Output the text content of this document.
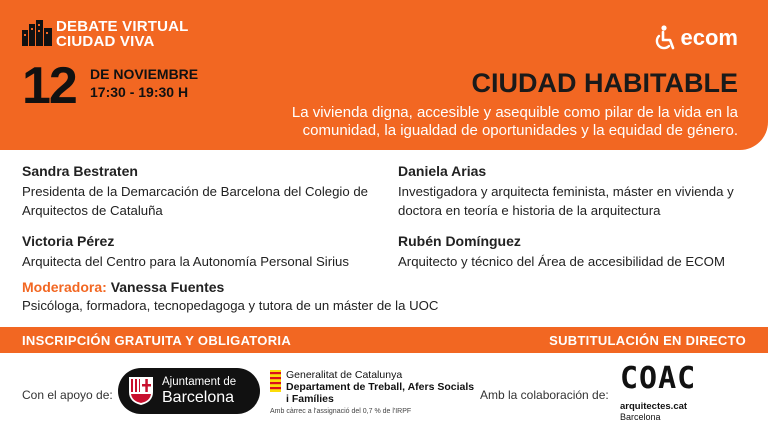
DEBATE VIRTUAL
CIUDAD VIVA
12 DE NOVIEMBRE
17:30 - 19:30 H
ecom
CIUDAD HABITABLE
La vivienda digna, accesible y asequible como pilar de la vida en la comunidad, la igualdad de oportunidades y la equidad de género.
Sandra Bestraten
Presidenta de la Demarcación de Barcelona del Colegio de Arquitectos de Cataluña
Daniela Arias
Investigadora y arquitecta feminista, máster en vivienda y doctora en teoría e historia de la arquitectura
Victoria Pérez
Arquitecta del Centro para la Autonomía Personal Sirius
Rubén Domínguez
Arquitecto y técnico del Área de accesibilidad de ECOM
Moderadora: Vanessa Fuentes
Psicóloga, formadora, tecnopedagoga y tutora de un máster de la UOC
INSCRIPCIÓN GRATUITA Y OBLIGATORIA	SUBTITULACIÓN EN DIRECTO
Con el apoyo de:
Ajuntament de
Barcelona
Generalitat de Catalunya
Departament de Treball, Afers Socials
i Famílies
Amb càrrec a l'assignació del 0,7 % de l'IRPF
Amb la colaboración de: COAC
arquitectes.cat
Barcelona
